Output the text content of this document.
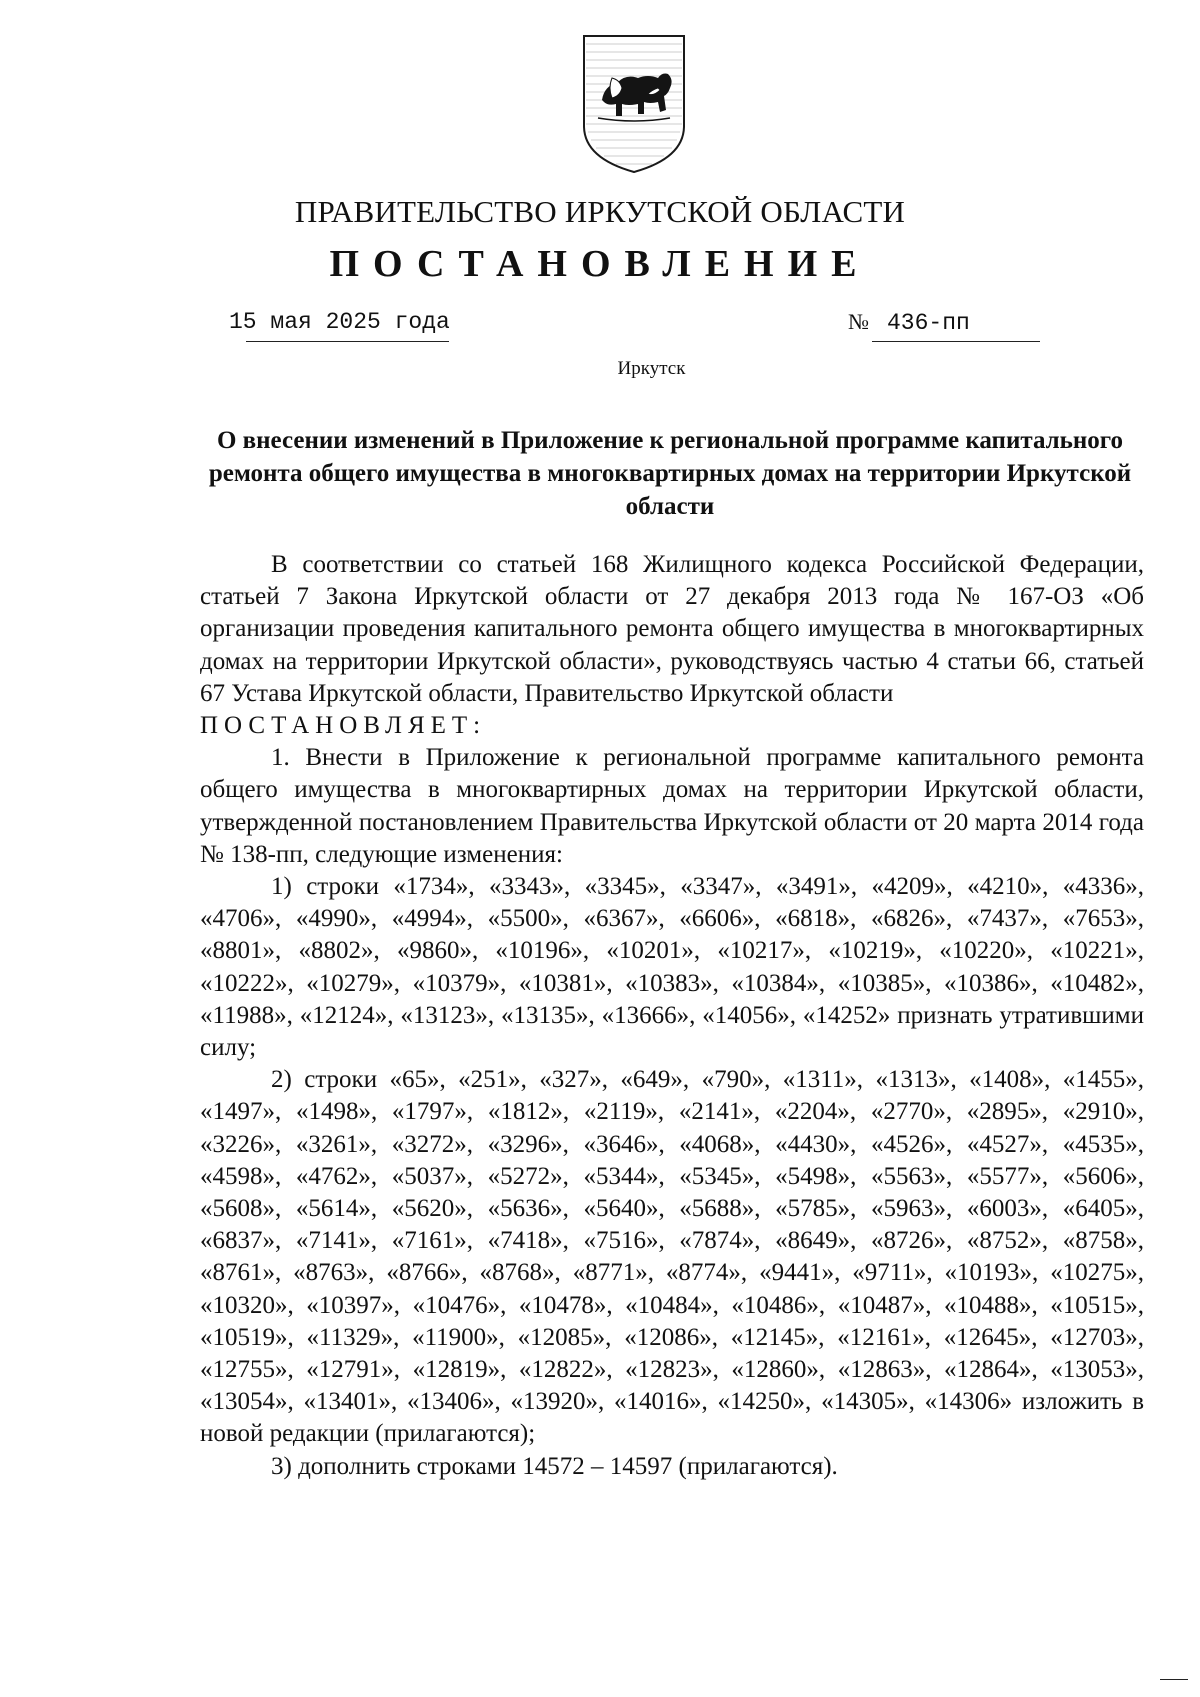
ПРАВИТЕЛЬСТВО ИРКУТСКОЙ ОБЛАСТИ
ПОСТАНОВЛЕНИЕ
15 мая 2025 года	№ 436-пп
Иркутск
О внесении изменений в Приложение к региональной программе капитального ремонта общего имущества в многоквартирных домах на территории Иркутской области

В соответствии со статьей 168 Жилищного кодекса Российской Федерации, статьей 7 Закона Иркутской области от 27 декабря 2013 года № 167-ОЗ «Об организации проведения капитального ремонта общего имущества в многоквартирных домах на территории Иркутской области», руководствуясь частью 4 статьи 66, статьей 67 Устава Иркутской области, Правительство Иркутской области

ПОСТАНОВЛЯЕТ:

1. Внести в Приложение к региональной программе капитального ремонта общего имущества в многоквартирных домах на территории Иркутской области, утвержденной постановлением Правительства Иркутской области от 20 марта 2014 года № 138-пп, следующие изменения:

1) строки «1734», «3343», «3345», «3347», «3491», «4209», «4210», «4336», «4706», «4990», «4994», «5500», «6367», «6606», «6818», «6826», «7437», «7653», «8801», «8802», «9860», «10196», «10201», «10217», «10219», «10220», «10221», «10222», «10279», «10379», «10381», «10383», «10384», «10385», «10386», «10482», «11988», «12124», «13123», «13135», «13666», «14056», «14252» признать утратившими силу;

2) строки «65», «251», «327», «649», «790», «1311», «1313», «1408», «1455», «1497», «1498», «1797», «1812», «2119», «2141», «2204», «2770», «2895», «2910», «3226», «3261», «3272», «3296», «3646», «4068», «4430», «4526», «4527», «4535», «4598», «4762», «5037», «5272», «5344», «5345», «5498», «5563», «5577», «5606», «5608», «5614», «5620», «5636», «5640», «5688», «5785», «5963», «6003», «6405», «6837», «7141», «7161», «7418», «7516», «7874», «8649», «8726», «8752», «8758», «8761», «8763», «8766», «8768», «8771», «8774», «9441», «9711», «10193», «10275», «10320», «10397», «10476», «10478», «10484», «10486», «10487», «10488», «10515», «10519», «11329», «11900», «12085», «12086», «12145», «12161», «12645», «12703», «12755», «12791», «12819», «12822», «12823», «12860», «12863», «12864», «13053», «13054», «13401», «13406», «13920», «14016», «14250», «14305», «14306» изложить в новой редакции (прилагаются);

3) дополнить строками 14572 – 14597 (прилагаются).
